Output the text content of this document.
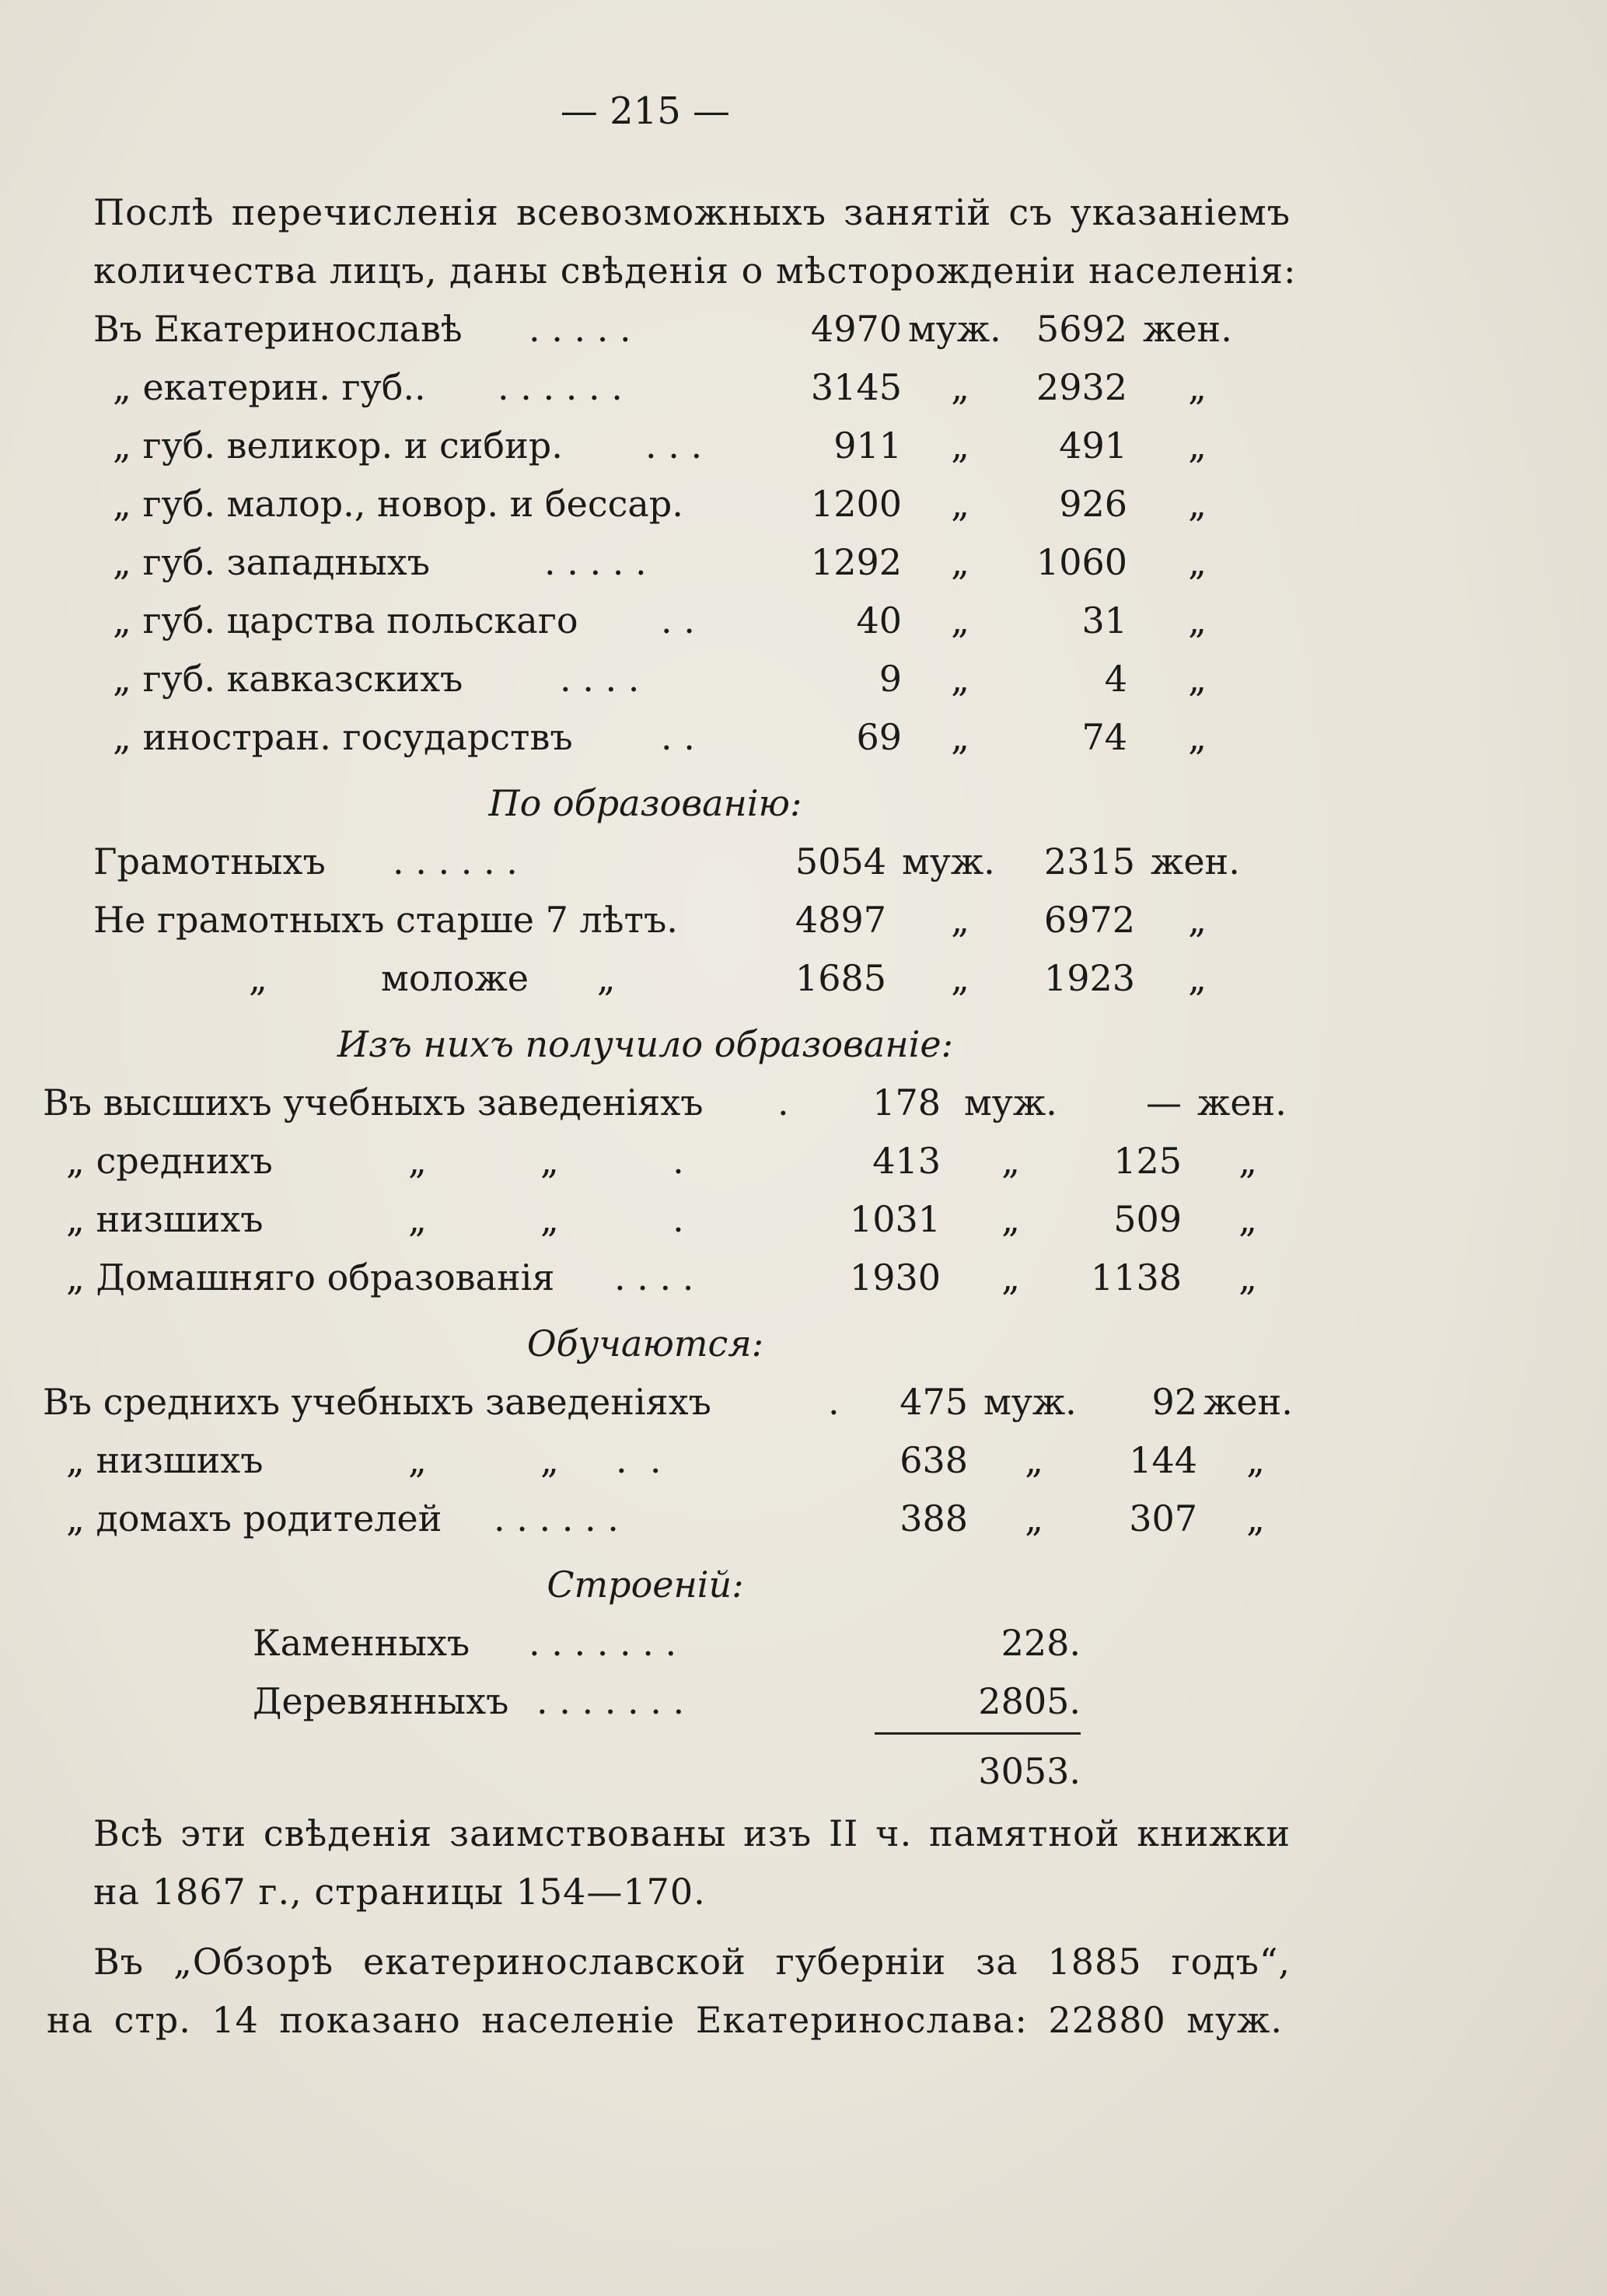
— 215 —
Послѣ перечисленія всевозможныхъ занятій съ указаніемъ
количества лицъ, даны свѣденія о мѣсторожденіи населенія:
Въ Екатеринославѣ . . . . .	4970 муж. 5692 жен.
„ екатерин. губ.. . . . . . .	3145 „	2932 „
„ губ. великор. и сибир. . . .	911 „	491 „
„ губ. малор., новор. и бессар.	1200 „	926 „
„ губ. западныхъ	. . . . .	1292 „	1060 „
„ губ. царства польскаго . .	40 „	31 „
„ губ. кавказскихъ	. . . .	9 „	4 „
„ иностран. государствъ . .	69 „	74 „
По образованію:
Грамотныхъ . . . . . .	5054 муж.	2315 жен.
Не грамотныхъ старше 7 лѣтъ.	4897 „	6972 „
„          моложе      „	1685 „	1923 „
Изъ нихъ получило образованіе:
Въ высшихъ учебныхъ заведеніяхъ .	178 муж.	— жен.
„ среднихъ	„          „          .	413 „	125 „
„ низшихъ	„          „          .	1031 „	509 „
„ Домашняго образованія . . . .	1930 „	1138 „
Обучаются:
Въ среднихъ учебныхъ заведеніяхъ	.	475 муж.	92 жен.
„ низшихъ	„          „     .  .	638 „	144 „
„ домахъ родителей . . . . . .	388 „	307 „
Строеній:
Каменныхъ . . . . . . .	228.
Деревянныхъ . . . . . . .	2805.
3053.
Всѣ эти свѣденія заимствованы изъ II ч. памятной книжки
на 1867 г., страницы 154—170.
Въ „Обзорѣ екатеринославской губерніи за 1885 годъ“,
на стр. 14 показано населеніе Екатеринослава: 22880 муж.
